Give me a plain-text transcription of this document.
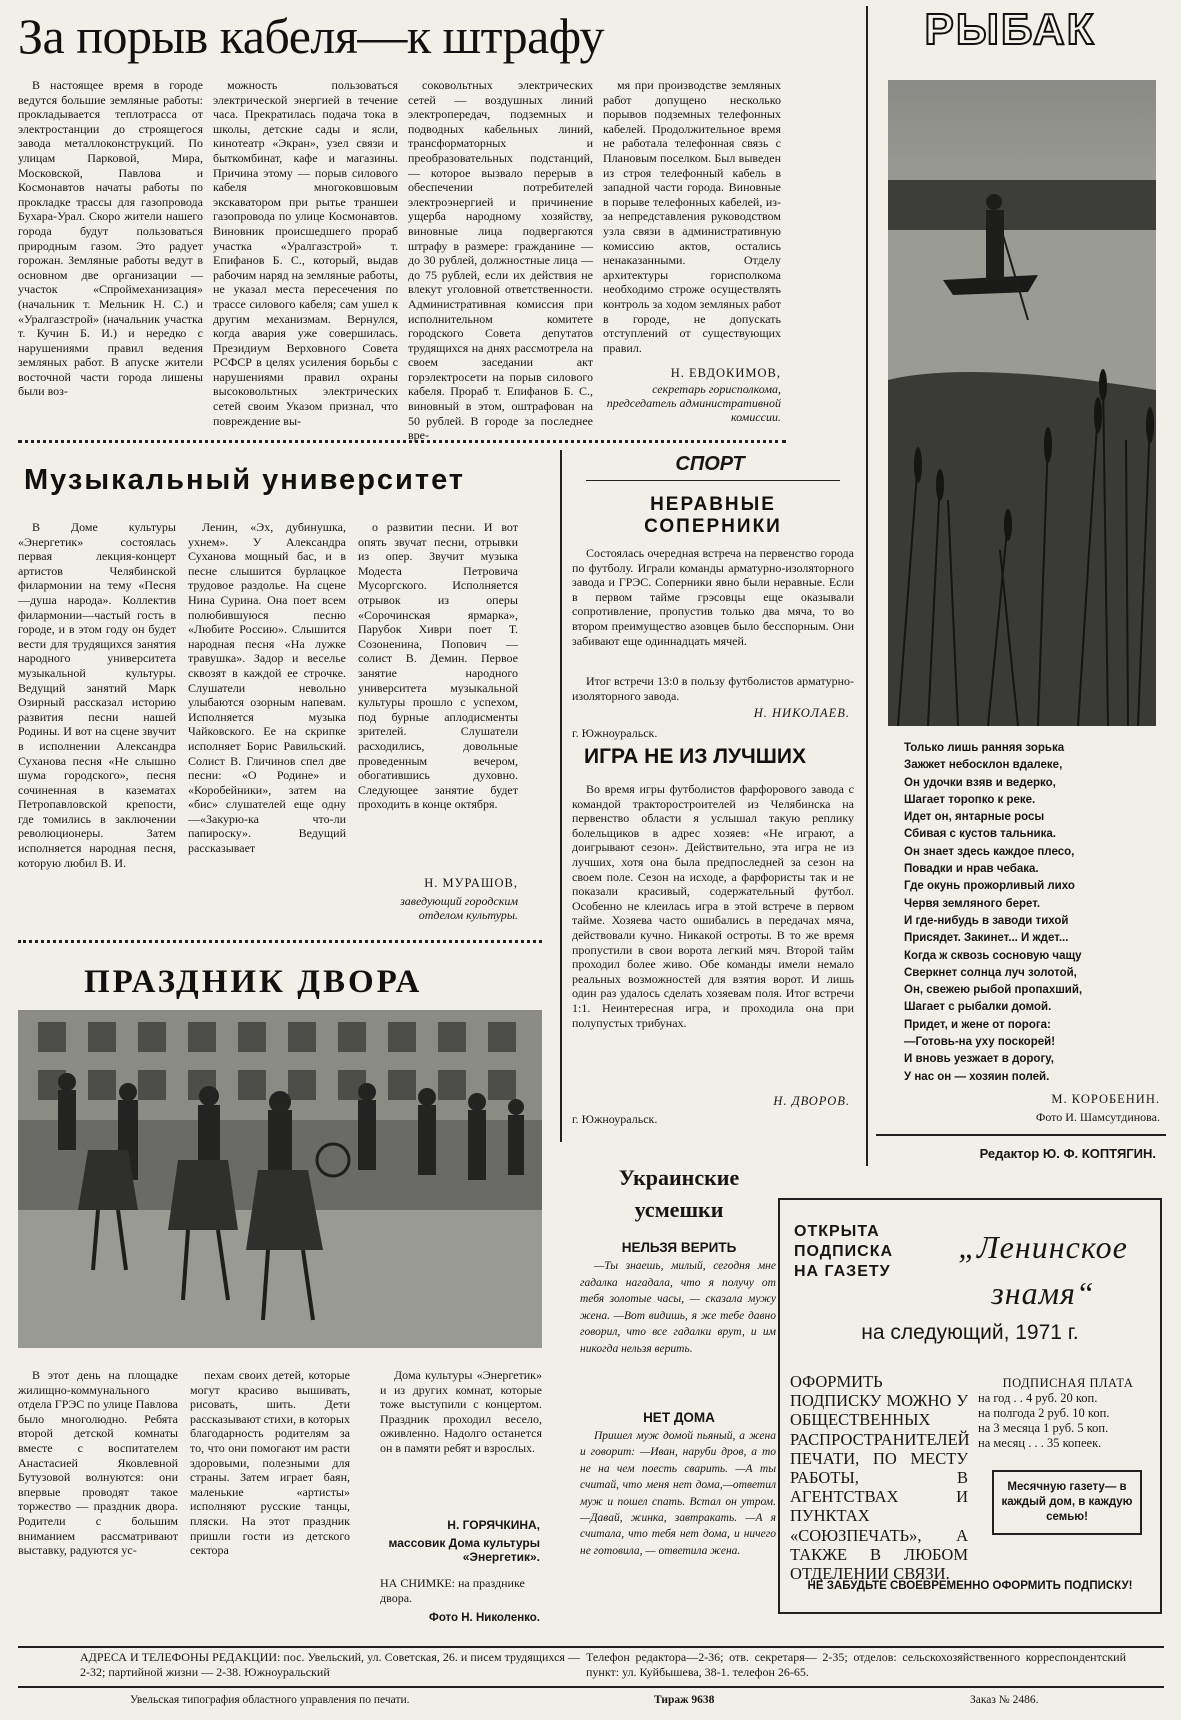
За порыв кабеля—к штрафу

В настоящее время в городе ведутся большие земляные работы: прокладывается теплотрасса от электростанции до строящегося завода металлоконструкций. По улицам Парковой, Мира, Московской, Павлова и Космонавтов начаты работы по прокладке трассы для газопровода Бухара-Урал. Скоро жители нашего города будут пользоваться природным газом. Это радует горожан. Земляные работы ведут в основном две организации — участок «Спроймеханизация» (начальник т. Мельник Н. С.) и «Уралгазстрой» (начальник участка т. Кучин Б. И.) и нередко с нарушениями правил ведения земляных работ. В апуске жители восточной части города лишены были воз-

можность пользоваться электрической энергией в течение часа. Прекратилась подача тока в школы, детские сады и ясли, кинотеатр «Экран», узел связи и быткомбинат, кафе и магазины. Причина этому — порыв силового кабеля многоковшовым экскаватором при рытье траншеи газопровода по улице Космонавтов. Виновник происшедшего прораб участка «Уралгазстрой» т. Епифанов Б. С., который, выдав рабочим наряд на земляные работы, не указал места пересечения по трассе силового кабеля; сам ушел к другим механизмам. Вернулся, когда авария уже совершилась. Президиум Верховного Совета РСФСР в целях усиления борьбы с нарушениями правил охраны высоковольтных электрических сетей своим Указом признал, что повреждение вы-

соковольтных электрических сетей — воздушных линий электропередач, подземных и подводных кабельных линий, трансформаторных и преобразовательных подстанций, — которое вызвало перерыв в обеспечении потребителей электроэнергией и причинение ущерба народному хозяйству, виновные лица подвергаются штрафу в размере: гражданине — до 30 рублей, должностные лица — до 75 рублей, если их действия не влекут уголовной ответственности. Административная комиссия при исполнительном комитете городского Совета депутатов трудящихся на днях рассмотрела на своем заседании акт горэлектросети на порыв силового кабеля. Прораб т. Епифанов Б. С., виновный в этом, оштрафован на 50 рублей. В городе за последнее вре-

мя при производстве земляных работ допущено несколько порывов подземных телефонных кабелей. Продолжительное время не работала телефонная связь с Плановым поселком. Был выведен из строя телефонный кабель в западной части города. Виновные в порыве телефонных кабелей, из-за непредставления руководством узла связи в административную комиссию актов, остались ненаказанными. Отделу архитектуры горисполкома необходимо строже осуществлять контроль за ходом земляных работ в городе, не допускать отступлений от существующих правил.

Н. ЕВДОКИМОВ,
секретарь горисполкома, председатель административной комиссии.
РЫБАК
Только лишь ранняя зорька
Зажжет небосклон вдалеке,
Он удочки взяв и ведерко,
Шагает торопко к реке.
Идет он, янтарные росы
Сбивая с кустов тальника.
Он знает здесь каждое плесо,
Повадки и нрав чебака.
Где окунь прожорливый лихо
Червя земляного берет.
И где-нибудь в заводи тихой
Присядет. Закинет... И ждет...
Когда ж сквозь сосновую чащу
Сверкнет солнца луч золотой,
Он, свежею рыбой пропахший,
Шагает с рыбалки домой.
Придет, и жене от порога:
—Готовь-на уху поскорей!
И вновь уезжает в дорогу,
У нас он — хозяин полей.
М. КОРОБЕНИН.
Фото И. Шамсутдинова.
Редактор Ю. Ф. КОПТЯГИН.
Музыкальный университет

В Доме культуры «Энергетик» состоялась первая лекция-концерт артистов Челябинской филармонии на тему «Песня—душа народа». Коллектив филармонии—частый гость в городе, и в этом году он будет вести для трудящихся занятия народного университета музыкальной культуры. Ведущий занятий Марк Озирный рассказал историю развития песни нашей Родины. И вот на сцене звучит в исполнении Александра Суханова песня «Не слышно шума городского», песня сочиненная в казематах Петропавловской крепости, где томились в заключении революционеры. Затем исполняется народная песня, которую любил В. И.

Ленин, «Эх, дубинушка, ухнем». У Александра Суханова мощный бас, и в песне слышится бурлацкое трудовое раздолье. На сцене Нина Сурина. Она поет всем полюбившуюся песню «Любите Россию». Слышится народная песня «На лужке травушка». Задор и веселье сквозят в каждой ее строчке. Слушатели невольно улыбаются озорным напевам. Исполняется музыка Чайковского. Ее на скрипке исполняет Борис Равильский. Солист В. Гличинов спел две песни: «О Родине» и «Коробейники», затем на «бис» слушателей еще одну—«Закурю-ка что-ли папироску». Ведущий рассказывает

о развитии песни. И вот опять звучат песни, отрывки из опер. Звучит музыка Модеста Петровича Мусоргского. Исполняется отрывок из оперы «Сорочинская ярмарка», Парубок Хиври поет Т. Созоненина, Попович — солист В. Демин. Первое занятие народного университета музыкальной культуры прошло с успехом, под бурные аплодисменты зрителей. Слушатели расходились, довольные проведенным вечером, обогатившись духовно. Следующее занятие будет проходить в конце октября.

Н. МУРАШОВ,
заведующий городским отделом культуры.
СПОРТ
НЕРАВНЫЕ СОПЕРНИКИ

Состоялась очередная встреча на первенство города по футболу. Играли команды арматурно-изоляторного завода и ГРЭС. Соперники явно были неравные. Если в первом тайме грэсовцы еще оказывали сопротивление, пропустив только два мяча, то во втором преимущество азовцев было бесспорным. Они забивают еще одиннадцать мячей.

Итог встречи 13:0 в пользу футболистов арматурно-изоляторного завода.

Н. НИКОЛАЕВ.
г. Южноуральск.
ИГРА НЕ ИЗ ЛУЧШИХ

Во время игры футболистов фарфорового завода с командой тракторостроителей из Челябинска на первенство области я услышал такую реплику болельщиков в адрес хозяев: «Не играют, а доигрывают сезон». Действительно, эта игра не из лучших, хотя она была предпоследней за сезон на своем поле. Сезон на исходе, а фарфористы так и не показали красивый, содержательный футбол. Особенно не клеилась игра в этой встрече в первом тайме. Хозяева часто ошибались в передачах мяча, действовали кучно. Никакой остроты. В то же время пропустили в свои ворота легкий мяч. Второй тайм проходил более живо. Обе команды имели немало реальных возможностей для взятия ворот. И лишь один раз удалось сделать хозяевам поля. Итог встречи 1:1. Неинтересная игра, и проходила она при полупустых трибунах.

Н. ДВОРОВ.
г. Южноуральск.
ПРАЗДНИК ДВОРА

В этот день на площадке жилищно-коммунального отдела ГРЭС по улице Павлова было многолюдно. Ребята второй детской комнаты вместе с воспитателем Анастасией Яковлевной Бутузовой волнуются: они впервые проводят такое торжество — праздник двора. Родители с большим вниманием рассматривают выставку, радуются ус-

пехам своих детей, которые могут красиво вышивать, рисовать, шить. Дети рассказывают стихи, в которых благодарность родителям за то, что они помогают им расти здоровыми, полезными для страны. Затем играет баян, маленькие «артисты» исполняют русские танцы, пляски. На этот праздник пришли гости из детского сектора

Дома культуры «Энергетик» и из других комнат, которые тоже выступили с концертом. Праздник проходил весело, оживленно. Надолго останется он в памяти ребят и взрослых.

Н. ГОРЯЧКИНА,
массовик Дома культуры «Энергетик».
НА СНИМКЕ: на празднике двора.
Фото Н. Николенко.
Украинские
усмешки
НЕЛЬЗЯ ВЕРИТЬ

—Ты знаешь, милый, сегодня мне гадалка нагадала, что я получу от тебя золотые часы, — сказала мужу жена. —Вот видишь, я же тебе давно говорил, что все гадалки врут, и им никогда нельзя верить.

НЕТ ДОМА

Пришел муж домой пьяный, а жена и говорит: —Иван, наруби дров, а то не на чем поесть сварить. —А ты считай, что меня нет дома,—ответил муж и пошел спать. Встал он утром. —Давай, жинка, завтракать. —А я считала, что тебя нет дома, и ничего не готовила, — ответила жена.

ОТКРЫТА
ПОДПИСКА
НА ГАЗЕТУ
„Ленинское
знамя“
на следующий, 1971 г.
ОФОРМИТЬ ПОДПИСКУ МОЖНО У ОБЩЕСТВЕННЫХ РАСПРОСТРАНИТЕЛЕЙ ПЕЧАТИ, ПО МЕСТУ РАБОТЫ, В АГЕНТСТВАХ И ПУНКТАХ «СОЮЗПЕЧАТЬ», А ТАКЖЕ В ЛЮБОМ ОТДЕЛЕНИИ СВЯЗИ.
ПОДПИСНАЯ ПЛАТА
на год . . 4 руб. 20 коп.
на полгода 2 руб. 10 коп.
на 3 месяца 1 руб. 5 коп.
на месяц . . . 35 копеек.
Месячную газету— в каждый дом, в каждую семью!
НЕ ЗАБУДЬТЕ СВОЕВРЕМЕННО ОФОРМИТЬ ПОДПИСКУ!
АДРЕСА И ТЕЛЕФОНЫ РЕДАКЦИИ: пос. Увельский, ул. Советская, 26. и писем трудящихся — 2-32; партийной жизни — 2-38. Южноуральский
Телефон редактора—2-36; отв. секретаря— 2-35; отделов: сельскохозяйственного корреспондентский пункт: ул. Куйбышева, 38-1. телефон 26-65.
Увельская типография областного управления по печати.	Тираж 9638	Заказ № 2486.
